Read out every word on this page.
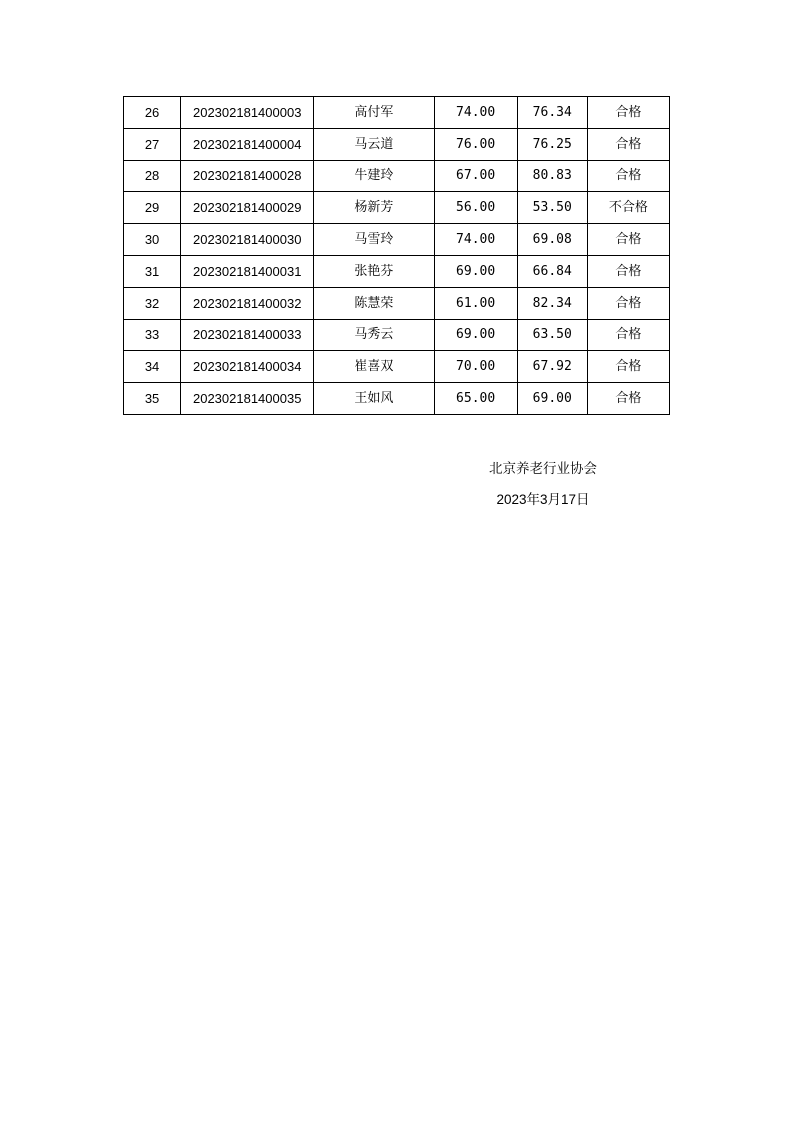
26	202302181400003	高付军	74.00	76.34	合格
27	202302181400004	马云道	76.00	76.25	合格
28	202302181400028	牛建玲	67.00	80.83	合格
29	202302181400029	杨新芳	56.00	53.50	不合格
30	202302181400030	马雪玲	74.00	69.08	合格
31	202302181400031	张艳芬	69.00	66.84	合格
32	202302181400032	陈慧荣	61.00	82.34	合格
33	202302181400033	马秀云	69.00	63.50	合格
34	202302181400034	崔喜双	70.00	67.92	合格
35	202302181400035	王如风	65.00	69.00	合格
北京养老行业协会
2023年3月17日
